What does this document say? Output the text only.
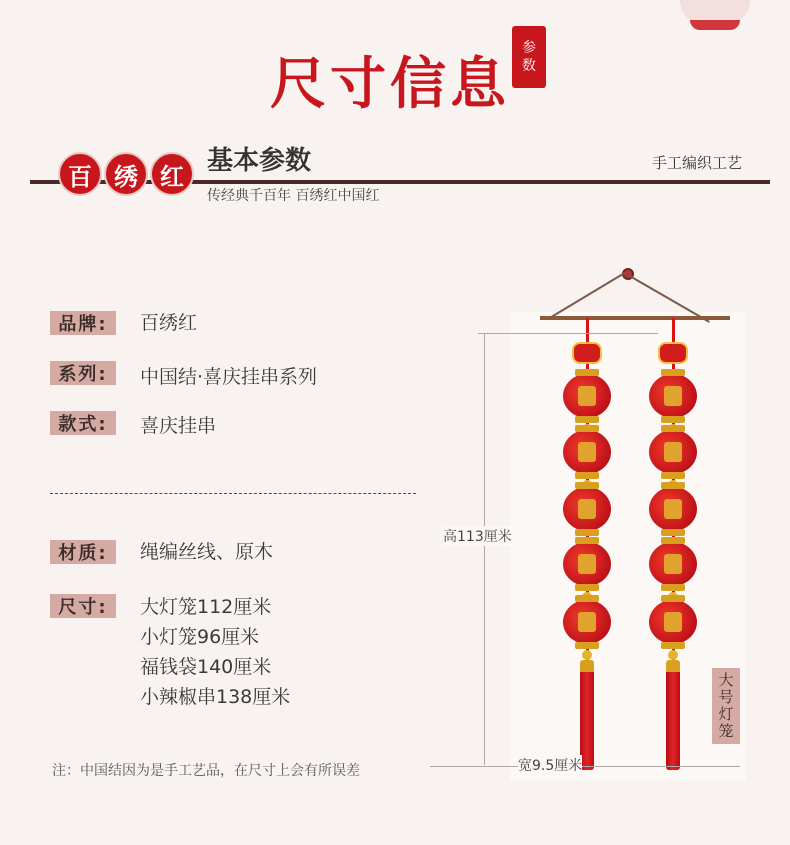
尺寸信息
参
数
百 绣 红 基本参数
传经典千百年 百绣红中国红
手工编织工艺
品牌:	百绣红
系列:	中国结·喜庆挂串系列
款式:	喜庆挂串
材质:	绳编丝线、原木
尺寸:	大灯笼112厘米
小灯笼96厘米
福钱袋140厘米
小辣椒串138厘米
注：中国结因为是手工艺品，在尺寸上会有所误差
高113厘米
宽9.5厘米
大号灯笼
